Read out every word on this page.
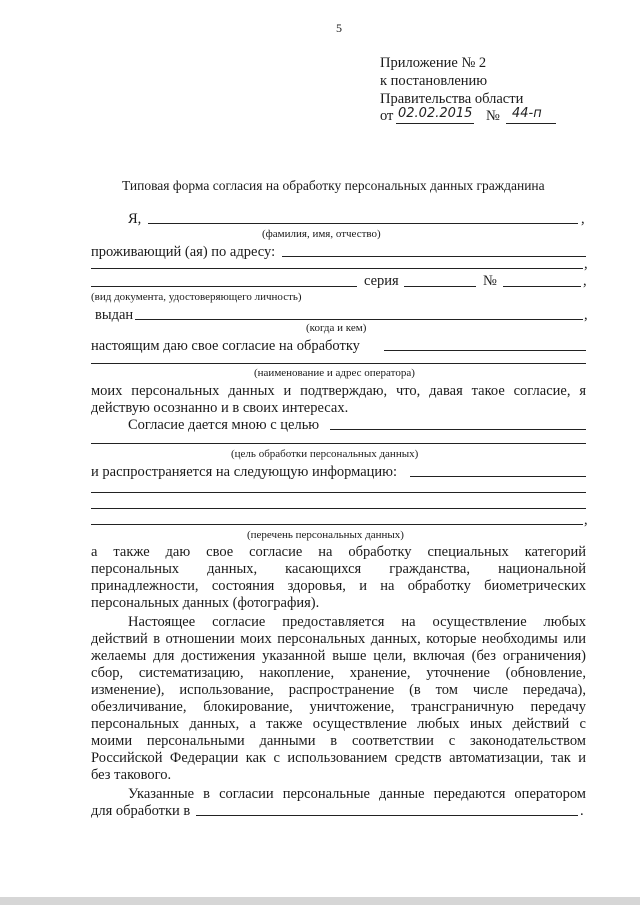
5
Приложение № 2
к постановлению
Правительства области
от 02.02.2015 № 44-п
Типовая форма согласия на обработку персональных данных гражданина
Я,	,
(фамилия, имя, отчество)
проживающий (ая) по адресу:
,
серия	№	,
(вид документа, удостоверяющего личность)
выдан	,
(когда и кем)
настоящим даю свое согласие на обработку
(наименование и адрес оператора)
моих персональных данных и подтверждаю, что, давая такое согласие, я
действую осознанно и в своих интересах.
Согласие дается мною с целью
(цель обработки персональных данных)
и распространяется на следующую информацию:
,
(перечень персональных данных)
а также даю свое согласие на обработку специальных категорий
персональных данных, касающихся гражданства, национальной
принадлежности, состояния здоровья, и на обработку биометрических
персональных данных (фотография).
Настоящее согласие предоставляется на осуществление любых
действий в отношении моих персональных данных, которые необходимы или
желаемы для достижения указанной выше цели, включая (без ограничения)
сбор, систематизацию, накопление, хранение, уточнение (обновление,
изменение), использование, распространение (в том числе передача),
обезличивание, блокирование, уничтожение, трансграничную передачу
персональных данных, а также осуществление любых иных действий с
моими персональными данными в соответствии с законодательством
Российской Федерации как с использованием средств автоматизации, так и
без такового.
Указанные в согласии персональные данные передаются оператором
для обработки в	.
